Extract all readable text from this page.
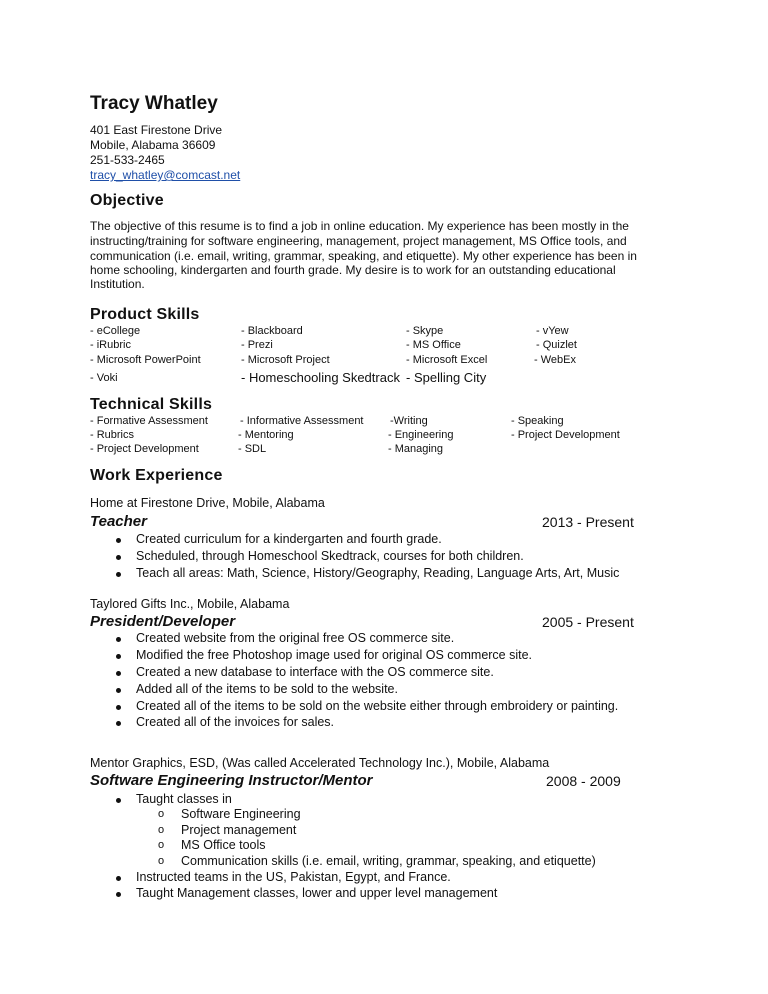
Tracy Whatley
401 East Firestone Drive
Mobile, Alabama 36609
251-533-2465
tracy_whatley@comcast.net
Objective
The objective of this resume is to find a job in online education. My experience has been mostly in the
instructing/training for software engineering, management, project management, MS Office tools, and
communication (i.e. email, writing, grammar, speaking, and etiquette). My other experience has been in
home schooling, kindergarten and fourth grade. My desire is to work for an outstanding educational
Institution.
Product Skills
- eCollege	- Blackboard	- Skype	- vYew
- iRubric	- Prezi	- MS Office	- Quizlet
- Microsoft PowerPoint	- Microsoft Project	- Microsoft Excel	- WebEx
- Voki	- Homeschooling Skedtrack - Spelling City
Technical Skills
- Formative Assessment	- Informative Assessment -Writing	- Speaking
- Rubrics	- Mentoring	- Engineering	- Project Development
- Project Development	- SDL	- Managing
Work Experience
Home at Firestone Drive, Mobile, Alabama
Teacher	2013 - Present
Created curriculum for a kindergarten and fourth grade.
Scheduled, through Homeschool Skedtrack, courses for both children.
Teach all areas: Math, Science, History/Geography, Reading, Language Arts, Art, Music
Taylored Gifts Inc., Mobile, Alabama
President/Developer	2005 - Present
Created website from the original free OS commerce site.
Modified the free Photoshop image used for original OS commerce site.
Created a new database to interface with the OS commerce site.
Added all of the items to be sold to the website.
Created all of the items to be sold on the website either through embroidery or painting.
Created all of the invoices for sales.
Mentor Graphics, ESD, (Was called Accelerated Technology Inc.), Mobile, Alabama
Software Engineering Instructor/Mentor	2008 - 2009
Taught classes in
o Software Engineering
o Project management
o MS Office tools
o Communication skills (i.e. email, writing, grammar, speaking, and etiquette)
Instructed teams in the US, Pakistan, Egypt, and France.
Taught Management classes, lower and upper level management
